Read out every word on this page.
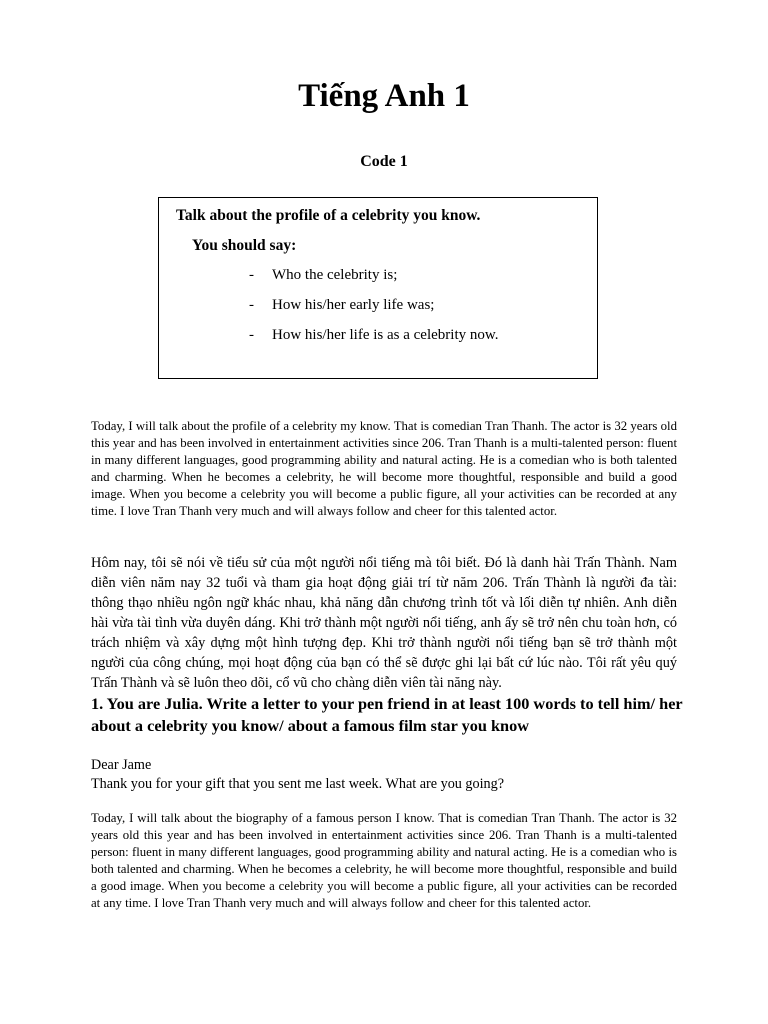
Tiếng Anh 1
Code 1
Talk about the profile of a celebrity you know.
You should say:
- Who the celebrity is;
- How his/her early life was;
- How his/her life is as a celebrity now.

Today, I will talk about the profile of a celebrity my know. That is comedian Tran Thanh. The actor is 32 years old this year and has been involved in entertainment activities since 206. Tran Thanh is a multi-talented person: fluent in many different languages, good programming ability and natural acting. He is a comedian who is both talented and charming. When he becomes a celebrity, he will become more thoughtful, responsible and build a good image. When you become a celebrity you will become a public figure, all your activities can be recorded at any time. I love Tran Thanh very much and will always follow and cheer for this talented actor.

Hôm nay, tôi sẽ nói về tiểu sử của một người nổi tiếng mà tôi biết. Đó là danh hài Trấn Thành. Nam diễn viên năm nay 32 tuổi và tham gia hoạt động giải trí từ năm 206. Trấn Thành là người đa tài: thông thạo nhiều ngôn ngữ khác nhau, khả năng dẫn chương trình tốt và lối diễn tự nhiên. Anh diễn hài vừa tài tình vừa duyên dáng. Khi trở thành một người nổi tiếng, anh ấy sẽ trở nên chu toàn hơn, có trách nhiệm và xây dựng một hình tượng đẹp. Khi trở thành người nổi tiếng bạn sẽ trở thành một người của công chúng, mọi hoạt động của bạn có thể sẽ được ghi lại bất cứ lúc nào. Tôi rất yêu quý Trấn Thành và sẽ luôn theo dõi, cổ vũ cho chàng diễn viên tài năng này.

1. You are Julia. Write a letter to your pen friend in at least 100 words to tell him/ her about a celebrity you know/ about a famous film star you know

Dear Jame

Thank you for your gift that you sent me last week. What are you going?

Today, I will talk about the biography of a famous person I know. That is comedian Tran Thanh. The actor is 32 years old this year and has been involved in entertainment activities since 206. Tran Thanh is a multi-talented person: fluent in many different languages, good programming ability and natural acting. He is a comedian who is both talented and charming. When he becomes a celebrity, he will become more thoughtful, responsible and build a good image. When you become a celebrity you will become a public figure, all your activities can be recorded at any time. I love Tran Thanh very much and will always follow and cheer for this talented actor.
